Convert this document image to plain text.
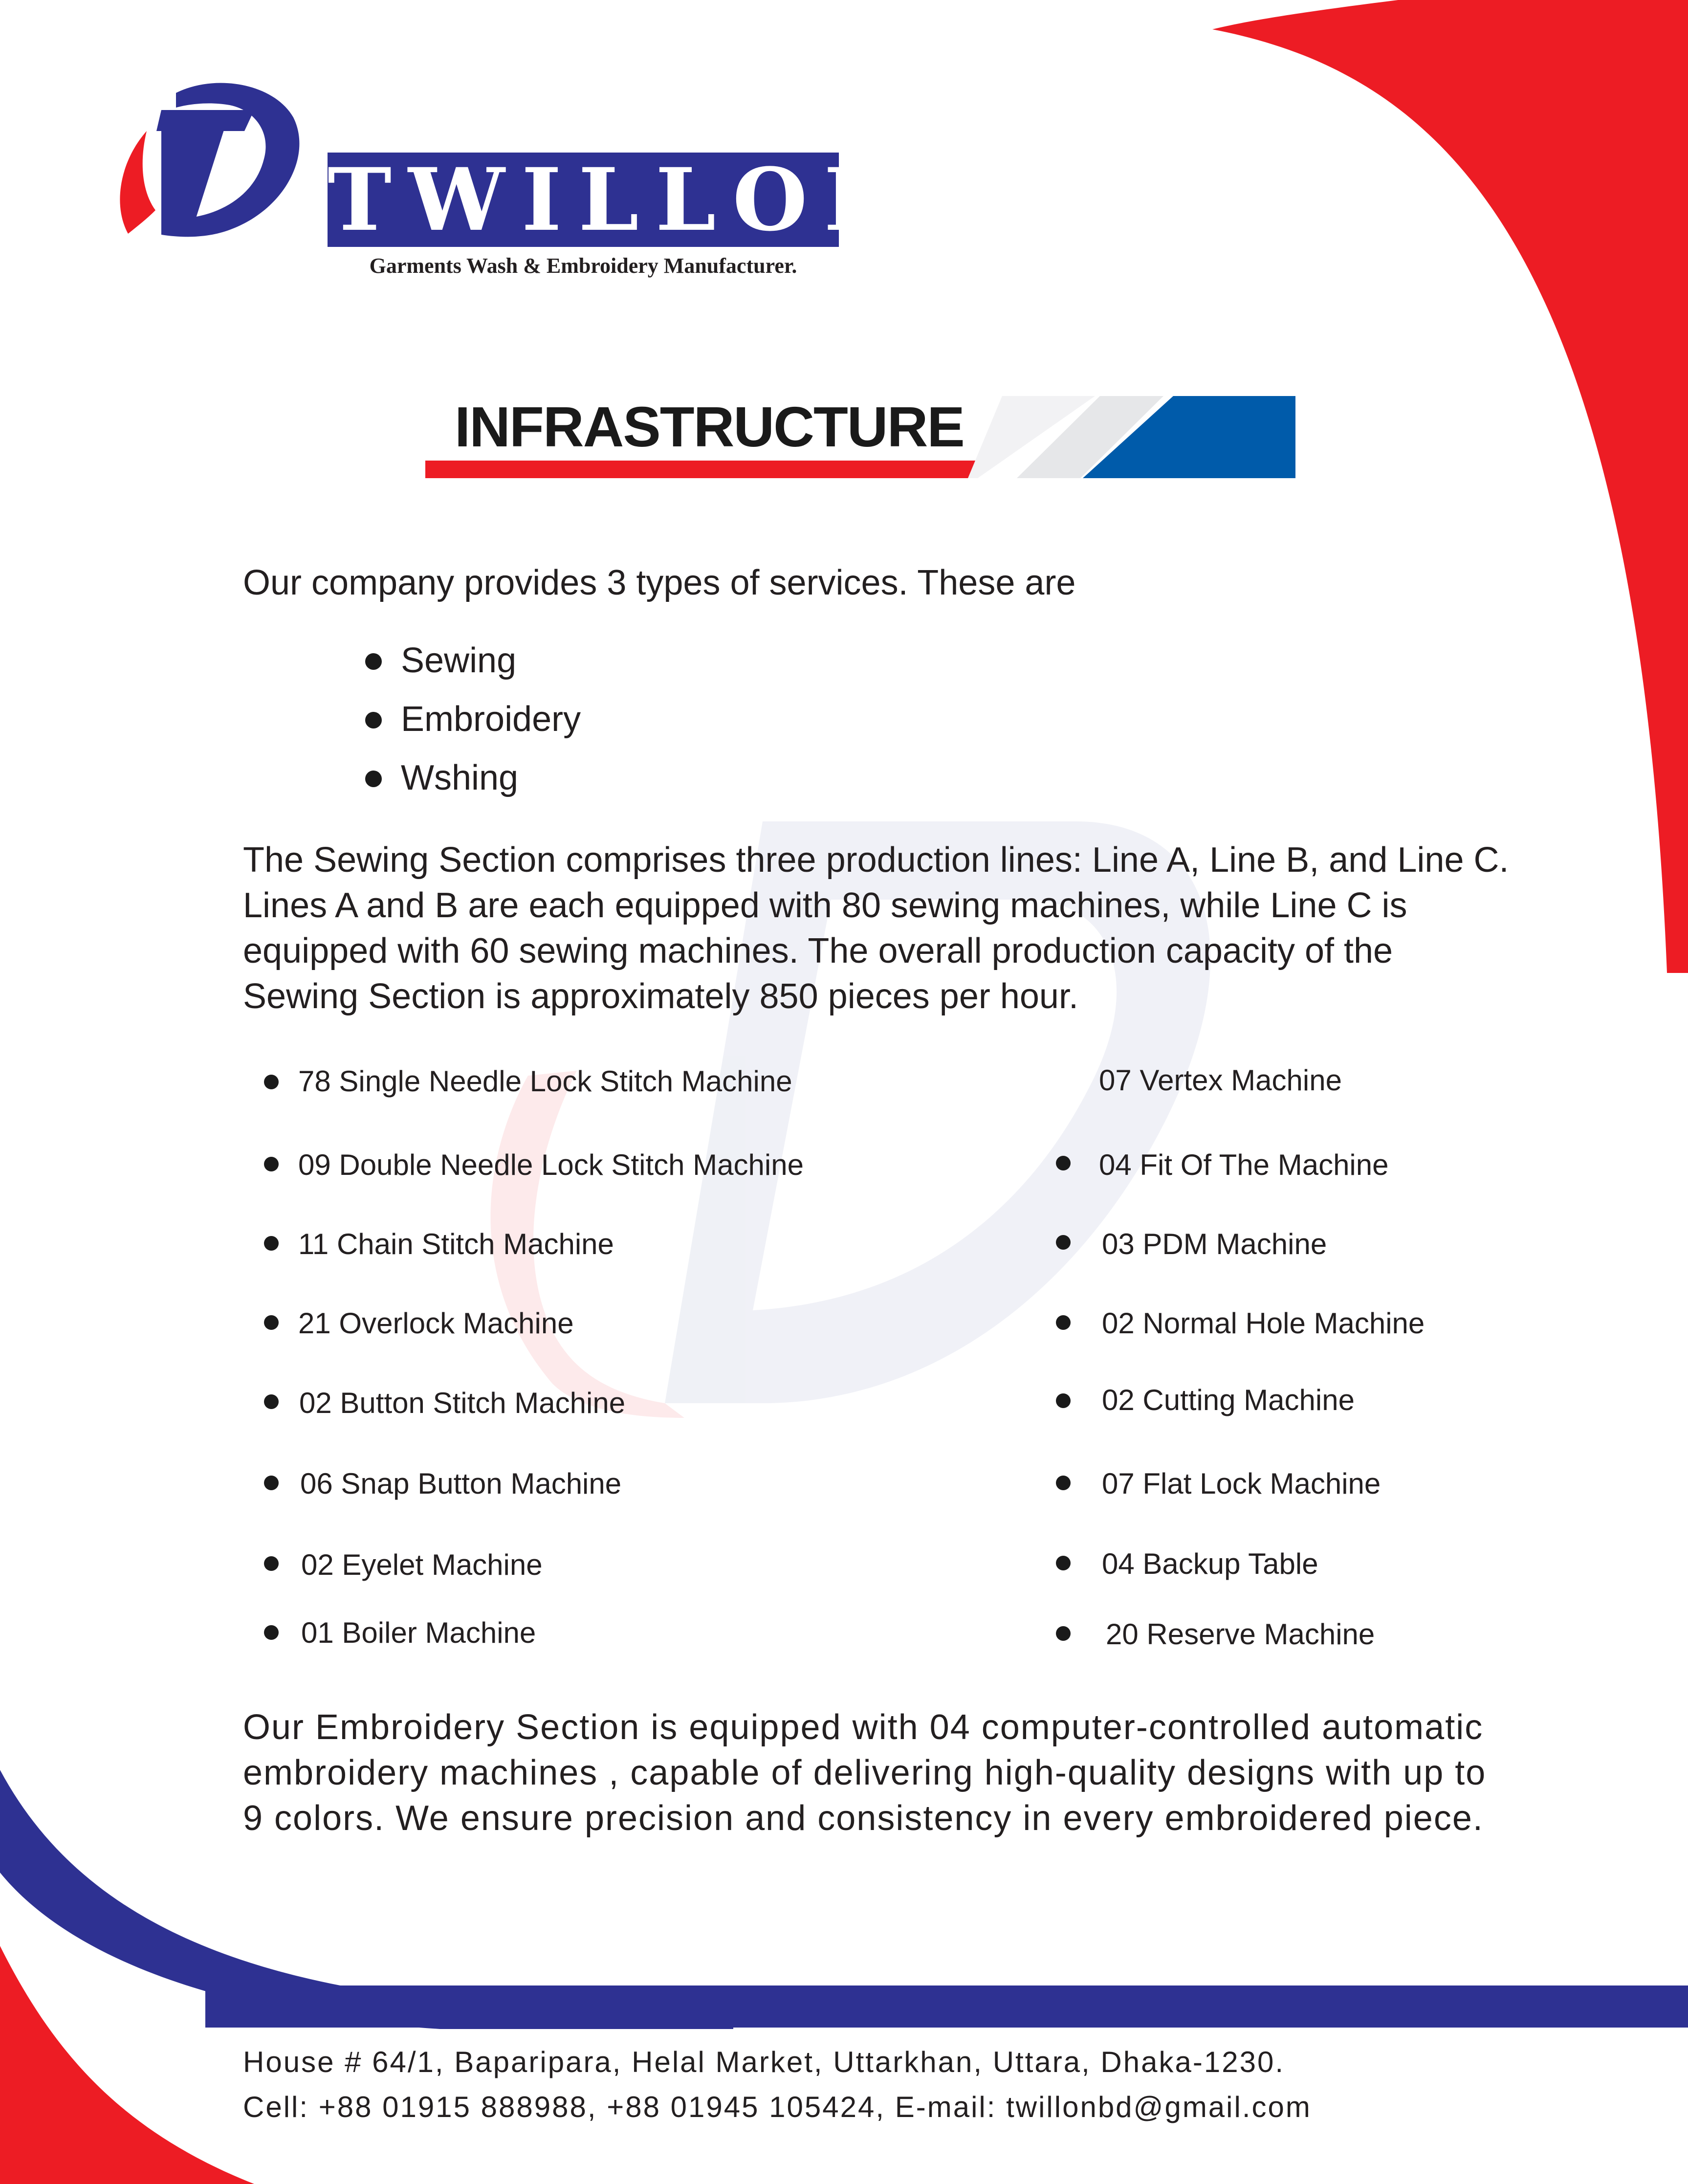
TWILLON
Garments Wash & Embroidery Manufacturer.
INFRASTRUCTURE
Our company provides 3 types of services. These are
Sewing
Embroidery
Wshing
The Sewing Section comprises three production lines: Line A, Line B, and Line C. Lines A and B are each equipped with 80 sewing machines, while Line C is equipped with 60 sewing machines. The overall production capacity of the Sewing Section is approximately 850 pieces per hour.
78 Single Needle Lock Stitch Machine
09 Double Needle Lock Stitch Machine
11 Chain Stitch Machine
21 Overlock Machine
02 Button Stitch Machine
06 Snap Button Machine
02 Eyelet Machine
01 Boiler Machine
07 Vertex Machine
04 Fit Of The Machine
03 PDM Machine
02 Normal Hole Machine
02 Cutting Machine
07 Flat Lock Machine
04 Backup Table
20 Reserve Machine
Our Embroidery Section is equipped with 04 computer-controlled automatic embroidery machines , capable of delivering high-quality designs with up to 9 colors. We ensure precision and consistency in every embroidered piece.
House # 64/1, Baparipara, Helal Market, Uttarkhan, Uttara, Dhaka-1230.
Cell: +88 01915 888988, +88 01945 105424, E-mail: twillonbd@gmail.com
